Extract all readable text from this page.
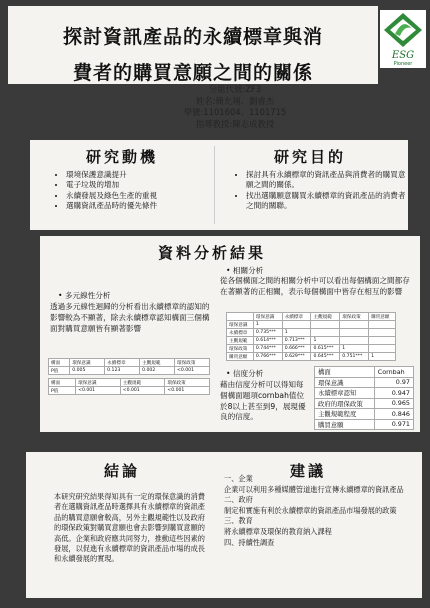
探討資訊產品的永續標章與消
費者的購買意願之間的關係
ESG
Pioneer
分組代號:ZF3
姓名:簡允翔、劉睿杰
學號:1101604、1101715
指導教授:陳志成教授
研究動機
• 環境保護意識提升
• 電子垃圾的增加
• 永續發展及綠色生產的重視
• 選購資訊產品時的優先條件
研究目的
• 探討具有永續標章的資訊產品與消費者的購買意願之間的關係。
• 找出選購願意購買永續標章的資訊產品的消費者之間的關聯。
資料分析結果
• 多元線性分析
透過多元線性迴歸的分析看出永續標章的認知的影響較為不顯著，除去永續標章認知構面三個構面對購買意願皆有顯著影響
構面	環保意識	永續標章	主觀規範	環保政策
P值	0.005	0.123	0.002	<0.001
構面	環保意識	主觀規範	環保政策
P值	<0.001	<0.001	<0.001
• 相關分析
從各個構面之間的相關分析中可以看出每個構面之間都存在著顯著的正相關，表示每個構面中皆存在相互的影響
	環保意識	永續標章	主觀規範	環保政策	購買意願
環保意識	1				
永續標章	0.735***	1			
主觀規範	0.614***	0.713***	1		
環保政策	0.744***	0.666***	0.615***	1	
購買意願	0.766***	0.629***	0.645***	0.751***	1
• 信度分析
藉由信度分析可以得知每個構面題項cornbah值位於8以上甚至到9，展現優良的信度。
構面	Cornbah
環保意識	0.97
永續標章認知	0.947
政府的環保政策	0.965
主觀規範程度	0.846
購買意願	0.971
結論
本研究研究結果得知具有一定的環保意識的消費者在選購資訊產品時選擇具有永續標章的資訊產品的購買意願會較高，另外主觀規範性以及政府的環保政策對購買意願也會去影響到購買意願的高低。企業和政府應共同努力，推動這些因素的發展，以促進有永續標章的資訊產品市場的成長和永續發展的實現。
建議
一、企業
企業可以利用多種媒體管道進行宣傳永續標章的資訊產品
二、政府
制定和實施有利於永續標章的資訊產品市場發展的政策
三、教育
將永續標章及環保的教育納入課程
四、持續性調查
